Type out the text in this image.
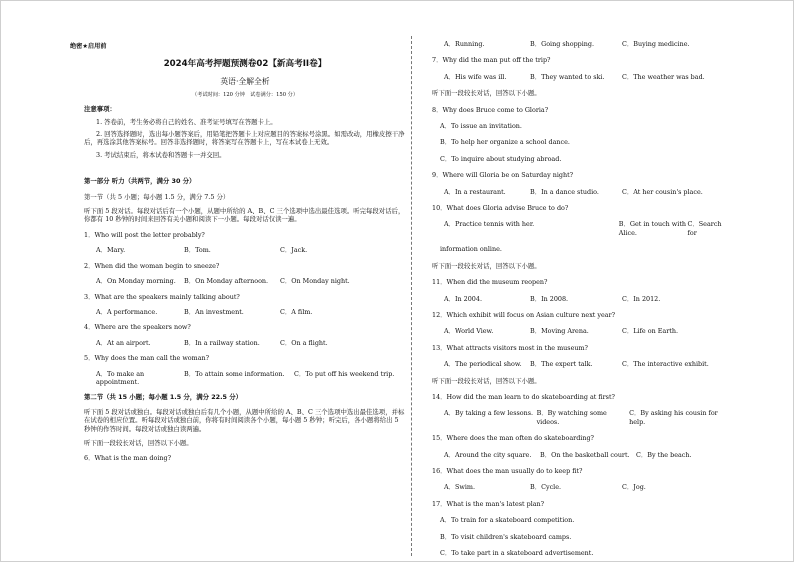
绝密★启用前
2024年高考押题预测卷02【新高考II卷】
英语·全解全析
（考试时间：120 分钟　试卷满分：150 分）
注意事项：
1. 答卷前，考生务必将自己的姓名、准考证号填写在答题卡上。
2. 回答选择题时，选出每小题答案后，用铅笔把答题卡上对应题目的答案标号涂黑。如需改动，用橡皮擦干净后，再选涂其他答案标号。回答非选择题时，将答案写在答题卡上，写在本试卷上无效。
3. 考试结束后，将本试卷和答题卡一并交回。
第一部分 听力（共两节，满分 30 分）
第一节（共 5 小题；每小题 1.5 分，满分 7.5 分）
听下面 5 段对话。每段对话后有一个小题，从题中所给的 A、B、C 三个选项中选出最佳选项。听完每段对话后，你都有 10 秒钟的时间来回答有关小题和阅读下一小题。每段对话仅读一遍。
1．Who will post the letter probably?
A．Mary.	B．Tom.	C．Jack.
2．When did the woman begin to sneeze?
A．On Monday morning.	B．On Monday afternoon.	C．On Monday night.
3．What are the speakers mainly talking about?
A．A performance.	B．An investment.	C．A film.
4．Where are the speakers now?
A．At an airport.	B．In a railway station.	C．On a flight.
5．Why does the man call the woman?
A．To make an appointment.
B．To attain some information.	C．To put off his weekend trip.
第二节（共 15 小题；每小题 1.5 分，满分 22.5 分）
听下面 5 段对话或独白。每段对话或独白后有几个小题，从题中所给的 A、B、C 三个选项中选出最佳选项，并标在试卷的相应位置。听每段对话或独白前，你将有时间阅读各个小题，每小题 5 秒钟；听完后，各小题将给出 5 秒钟的作答时间。每段对话或独白读两遍。
听下面一段较长对话，回答以下小题。
6．What is the man doing?
A．Running.	B．Going shopping.	C．Buying medicine.
7．Why did the man put off the trip?
A．His wife was ill.	B．They wanted to ski.	C．The weather was bad.
听下面一段较长对话，回答以下小题。
8．Why does Bruce come to Gloria?
A．To issue an invitation.
B．To help her organize a school dance.
C．To inquire about studying abroad.
9．Where will Gloria be on Saturday night?
A．In a restaurant.	B．In a dance studio.	C．At her cousin's place.
10．What does Gloria advise Bruce to do?
A．Practice tennis with her.	B．Get in touch with Alice.
C．Search for
information online.
听下面一段较长对话，回答以下小题。
11．When did the museum reopen?
A．In 2004.	B．In 2008.	C．In 2012.
12．Which exhibit will focus on Asian culture next year?
A．World View.	B．Moving Arena.	C．Life on Earth.
13．What attracts visitors most in the museum?
A．The periodical show.	B．The expert talk.	C．The interactive exhibit.
听下面一段较长对话，回答以下小题。
14．How did the man learn to do skateboarding at first?
A．By taking a few lessons. B．By watching some videos.
C．By asking his cousin for help.
15．Where does the man often do skateboarding?
A．Around the city square.	B．On the basketball court.	C．By the beach.
16．What does the man usually do to keep fit?
A．Swim.	B．Cycle.	C．Jog.
17．What is the man's latest plan?
A．To train for a skateboard competition.
B．To visit children's skateboard camps.
C．To take part in a skateboard advertisement.
